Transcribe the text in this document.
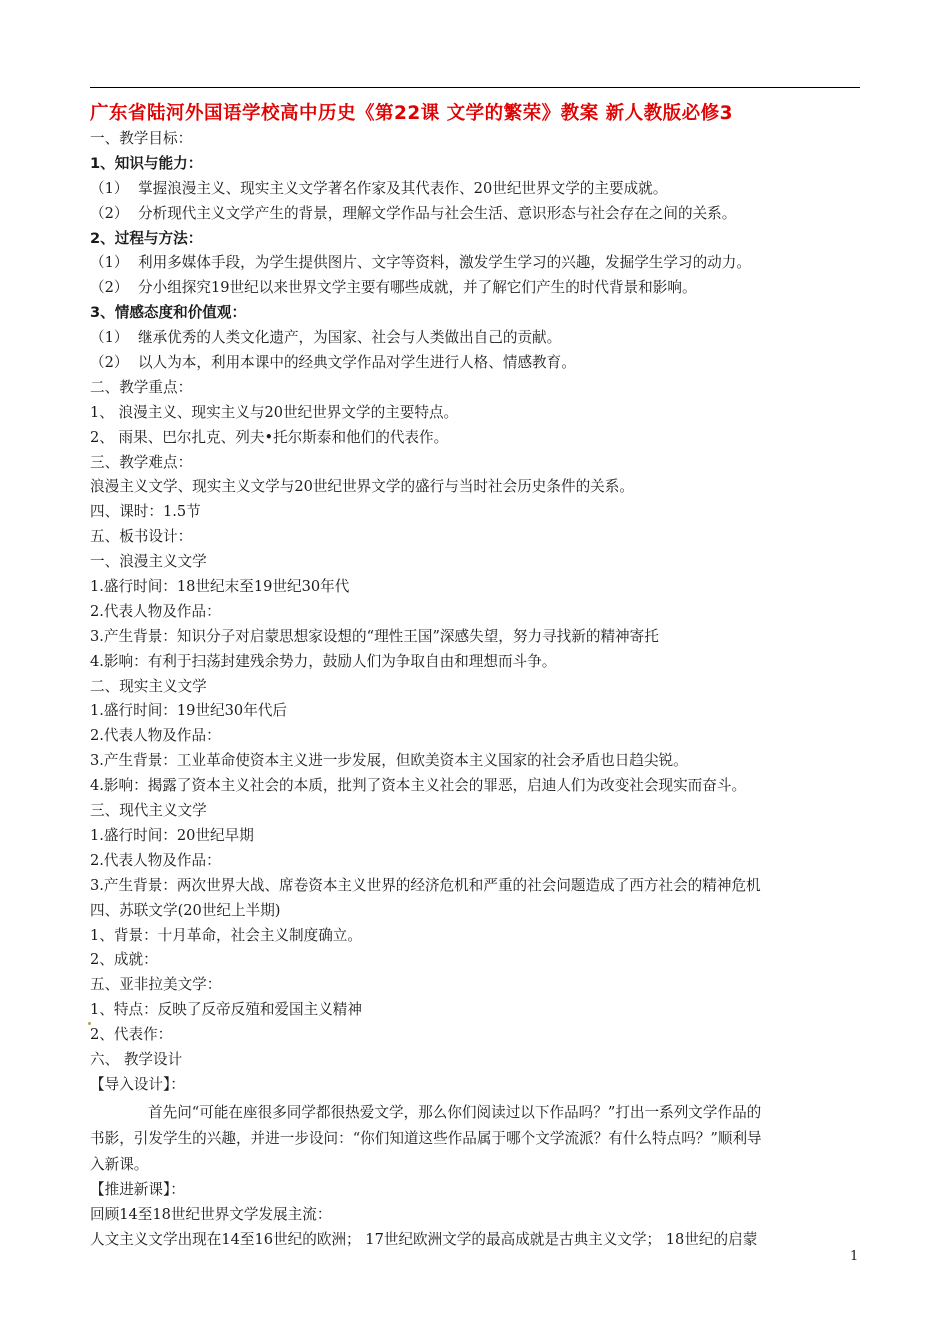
广东省陆河外国语学校高中历史《第22课 文学的繁荣》教案 新人教版必修3
一、教学目标：
1、知识与能力：
（1） 掌握浪漫主义、现实主义文学著名作家及其代表作、20世纪世界文学的主要成就。
（2） 分析现代主义文学产生的背景，理解文学作品与社会生活、意识形态与社会存在之间的关系。
2、过程与方法：
（1） 利用多媒体手段，为学生提供图片、文字等资料，激发学生学习的兴趣，发掘学生学习的动力。
（2） 分小组探究19世纪以来世界文学主要有哪些成就，并了解它们产生的时代背景和影响。
3、情感态度和价值观：
（1） 继承优秀的人类文化遗产，为国家、社会与人类做出自己的贡献。
（2） 以人为本，利用本课中的经典文学作品对学生进行人格、情感教育。
二、教学重点：
1、 浪漫主义、现实主义与20世纪世界文学的主要特点。
2、 雨果、巴尔扎克、列夫•托尔斯泰和他们的代表作。
三、教学难点：
浪漫主义文学、现实主义文学与20世纪世界文学的盛行与当时社会历史条件的关系。
四、课时：1.5节
五、板书设计：
一、浪漫主义文学
1.盛行时间：18世纪末至19世纪30年代
2.代表人物及作品：
3.产生背景：知识分子对启蒙思想家设想的“理性王国”深感失望，努力寻找新的精神寄托
4.影响：有利于扫荡封建残余势力，鼓励人们为争取自由和理想而斗争。
二、现实主义文学
1.盛行时间：19世纪30年代后
2.代表人物及作品：
3.产生背景：工业革命使资本主义进一步发展，但欧美资本主义国家的社会矛盾也日趋尖锐。
4.影响：揭露了资本主义社会的本质，批判了资本主义社会的罪恶，启迪人们为改变社会现实而奋斗。
三、现代主义文学
1.盛行时间：20世纪早期
2.代表人物及作品：
3.产生背景：两次世界大战、席卷资本主义世界的经济危机和严重的社会问题造成了西方社会的精神危机
四、苏联文学(20世纪上半期)
1、背景：十月革命，社会主义制度确立。
2、成就：
五、亚非拉美文学：
1、特点：反映了反帝反殖和爱国主义精神
2、代表作：
六、 教学设计
【导入设计】：
首先问“可能在座很多同学都很热爱文学，那么你们阅读过以下作品吗？”打出一系列文学作品的
书影，引发学生的兴趣，并进一步设问：“你们知道这些作品属于哪个文学流派？有什么特点吗？”顺利导
入新课。
【推进新课】：
回顾14至18世纪世界文学发展主流：
人文主义文学出现在14至16世纪的欧洲； 17世纪欧洲文学的最高成就是古典主义文学； 18世纪的启蒙
1
